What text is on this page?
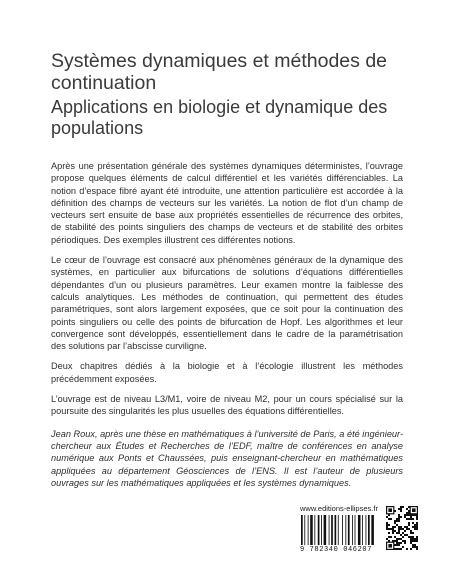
Systèmes dynamiques et méthodes de continuation
Applications en biologie et dynamique des populations

Après une présentation générale des systèmes dynamiques déterministes, l’ouvrage propose quelques éléments de calcul différentiel et les variétés différenciables. La notion d’espace fibré ayant été introduite, une attention particulière est accordée à la définition des champs de vecteurs sur les variétés. La notion de flot d’un champ de vecteurs sert ensuite de base aux propriétés essentielles de récurrence des orbites, de stabilité des points singuliers des champs de vecteurs et de stabilité des orbites périodiques. Des exemples illustrent ces différentes notions.

Le cœur de l’ouvrage est consacré aux phénomènes généraux de la dynamique des systèmes, en particulier aux bifurcations de solutions d’équations différentielles dépendantes d’un ou plusieurs paramètres. Leur examen montre la faiblesse des calculs analytiques. Les méthodes de continuation, qui permettent des études paramétriques, sont alors largement exposées, que ce soit pour la continuation des points singuliers ou celle des points de bifurcation de Hopf. Les algorithmes et leur convergence sont développés, essentiellement dans le cadre de la paramétrisation des solutions par l’abscisse curviligne.

Deux chapitres dédiés à la biologie et à l’écologie illustrent les méthodes précédemment exposées.

L’ouvrage est de niveau L3/M1, voire de niveau M2, pour un cours spécialisé sur la poursuite des singularités les plus usuelles des équations différentielles.

Jean Roux, après une thèse en mathématiques à l’université de Paris, a été ingénieur-chercheur aux Études et Recherches de l’EDF, maître de conférences en analyse numérique aux Ponts et Chaussées, puis enseignant-chercheur en mathématiques appliquées au département Géosciences de l’ENS. Il est l’auteur de plusieurs ouvrages sur les mathématiques appliquées et les systèmes dynamiques.

www.editions-ellipses.fr
9 782340 046207
